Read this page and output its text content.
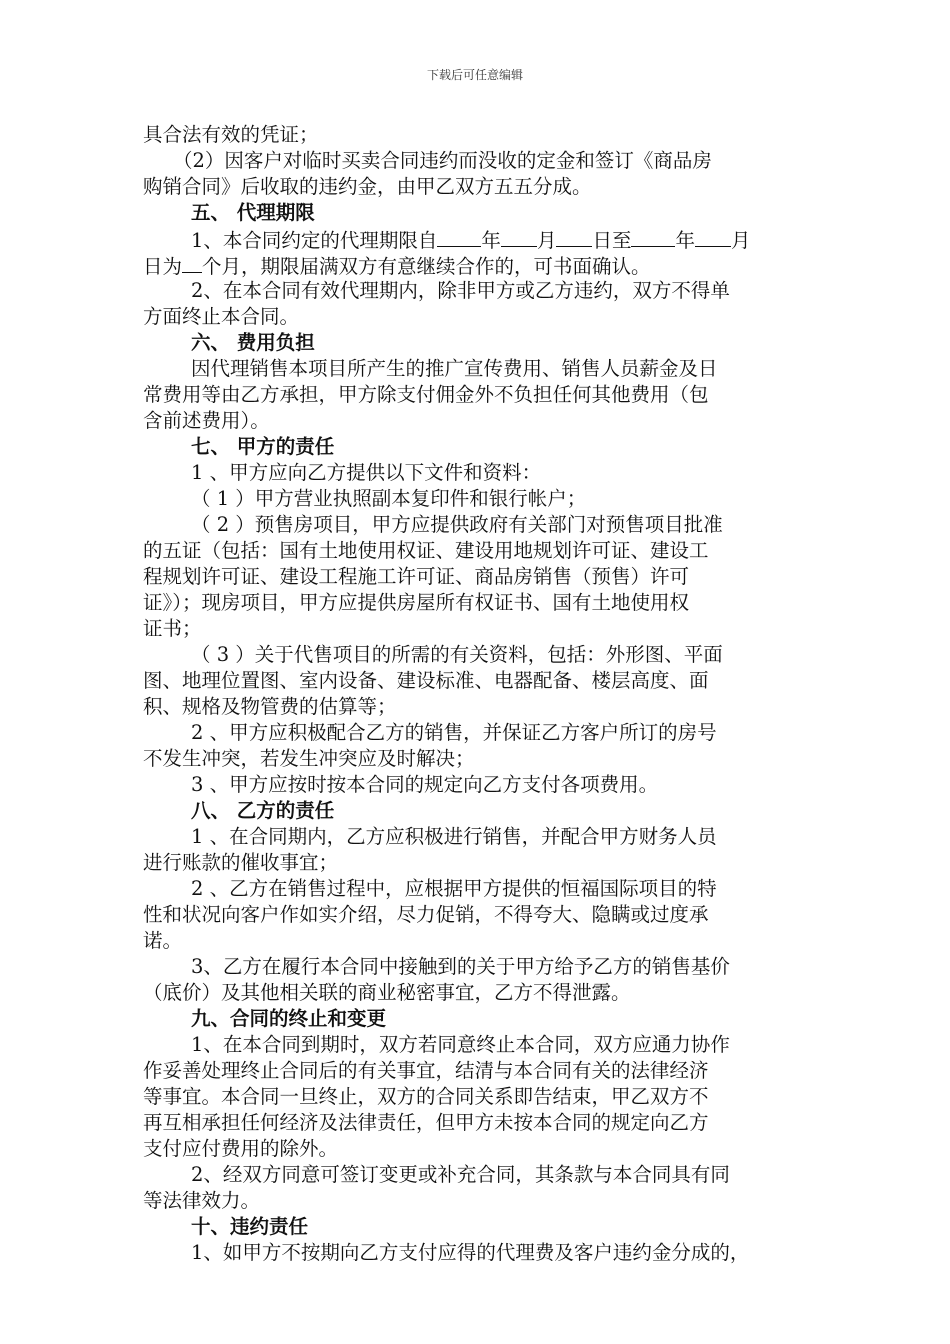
下载后可任意编辑
具合法有效的凭证；
（2）因客户对临时买卖合同违约而没收的定金和签订《商品房
购销合同》后收取的违约金，由甲乙双方五五分成。
五、 代理期限
1、本合同约定的代理期限自 年 月 日至 年 月
日为 个月，期限届满双方有意继续合作的，可书面确认。
2、在本合同有效代理期内，除非甲方或乙方违约，双方不得单
方面终止本合同。
六、 费用负担
因代理销售本项目所产生的推广宣传费用、销售人员薪金及日
常费用等由乙方承担，甲方除支付佣金外不负担任何其他费用（包
含前述费用）。
七、 甲方的责任
1 、甲方应向乙方提供以下文件和资料：
（ 1 ）甲方营业执照副本复印件和银行帐户；
（ 2 ）预售房项目，甲方应提供政府有关部门对预售项目批准
的五证（包括：国有土地使用权证、建设用地规划许可证、建设工
程规划许可证、建设工程施工许可证、商品房销售（预售）许可
证》）；现房项目，甲方应提供房屋所有权证书、国有土地使用权
证书；
（ 3 ）关于代售项目的所需的有关资料，包括：外形图、平面
图、地理位置图、室内设备、建设标准、电器配备、楼层高度、面
积、规格及物管费的估算等；
2 、甲方应积极配合乙方的销售，并保证乙方客户所订的房号
不发生冲突，若发生冲突应及时解决；
3 、甲方应按时按本合同的规定向乙方支付各项费用。
八、 乙方的责任
1 、在合同期内，乙方应积极进行销售，并配合甲方财务人员
进行账款的催收事宜；
2 、乙方在销售过程中，应根据甲方提供的恒福国际项目的特
性和状况向客户作如实介绍，尽力促销，不得夸大、隐瞒或过度承
诺。
3、乙方在履行本合同中接触到的关于甲方给予乙方的销售基价
（底价）及其他相关联的商业秘密事宜，乙方不得泄露。
九、合同的终止和变更
1、在本合同到期时，双方若同意终止本合同，双方应通力协作
作妥善处理终止合同后的有关事宜，结清与本合同有关的法律经济
等事宜。本合同一旦终止，双方的合同关系即告结束，甲乙双方不
再互相承担任何经济及法律责任，但甲方未按本合同的规定向乙方
支付应付费用的除外。
2、经双方同意可签订变更或补充合同，其条款与本合同具有同
等法律效力。
十、违约责任
1、如甲方不按期向乙方支付应得的代理费及客户违约金分成的，
